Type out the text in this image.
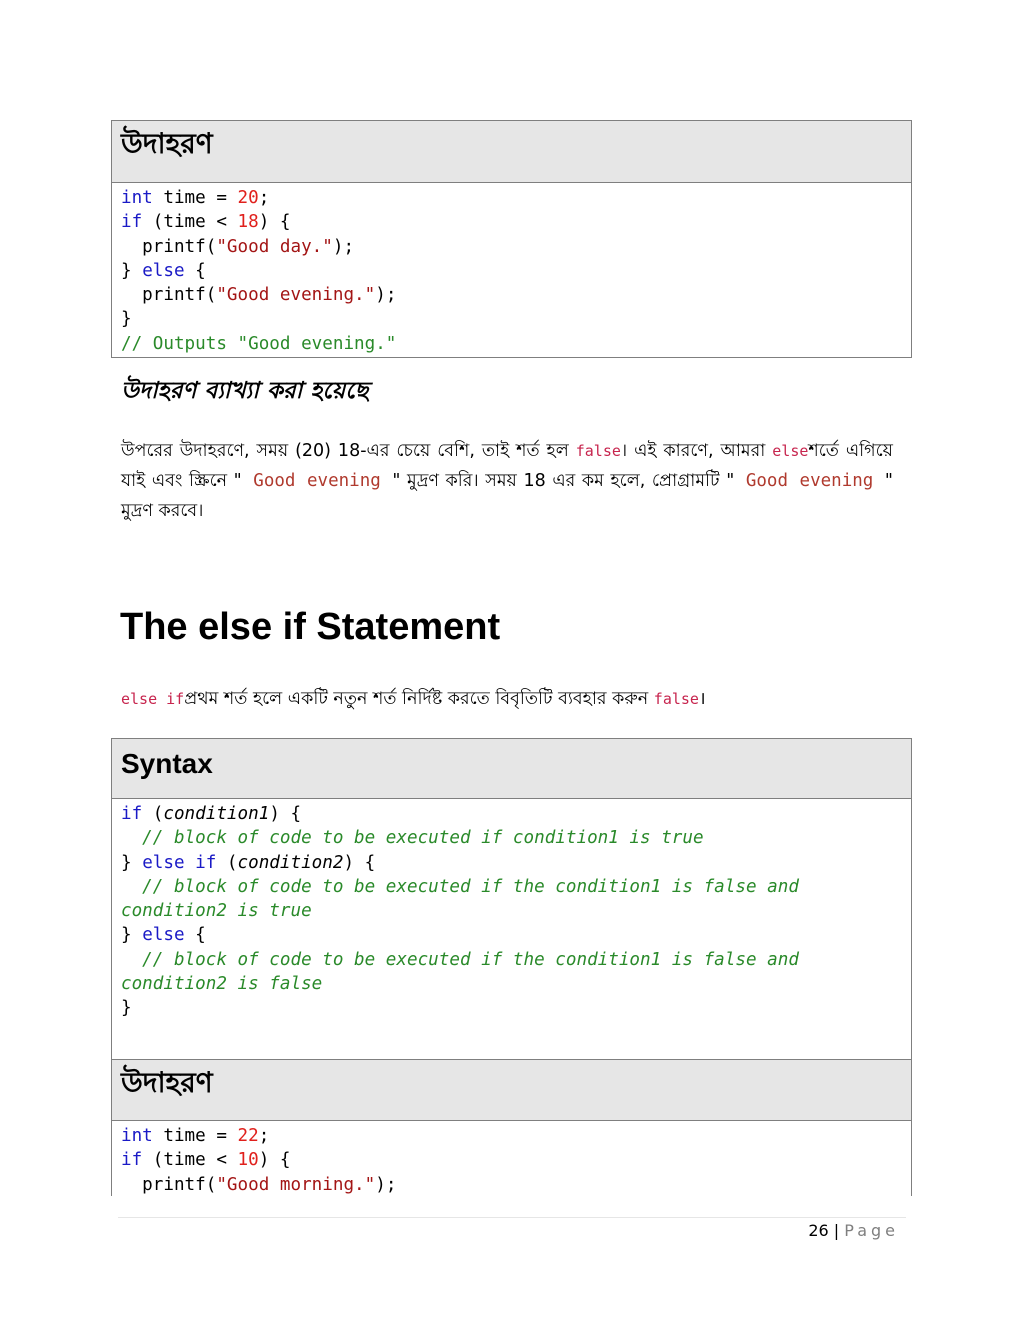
উদাহরণ
int time = 20;
if (time < 18) {
printf("Good day.");
} else {
printf("Good evening.");
}
// Outputs "Good evening."
উদাহরণ ব্যাখ্যা করা হয়েছে
উপরের উদাহরণে, সময় (20) 18-এর চেয়ে বেশি, তাই শর্ত হল false। এই কারণে, আমরা elseশর্তে এগিয়ে যাই এবং স্ক্রিনে " Good evening " মুদ্রণ করি। সময় 18 এর কম হলে, প্রোগ্রামটি " Good evening " মুদ্রণ করবে।
The else if Statement
else ifপ্রথম শর্ত হলে একটি নতুন শর্ত নির্দিষ্ট করতে বিবৃতিটি ব্যবহার করুন false।
Syntax
if (condition1) {
// block of code to be executed if condition1 is true
} else if (condition2) {
// block of code to be executed if the condition1 is false and
condition2 is true
} else {
// block of code to be executed if the condition1 is false and
condition2 is false
}
উদাহরণ
int time = 22;
if (time < 10) {
printf("Good morning.");
26 | Page
